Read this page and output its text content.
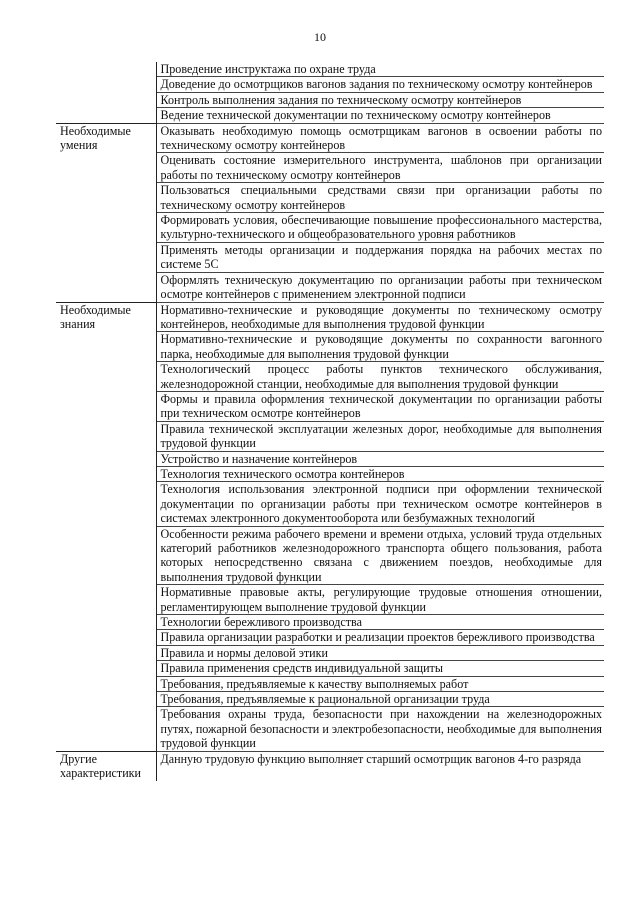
10
	Проведение инструктажа по охране труда
	Доведение до осмотрщиков вагонов задания по техническому осмотру контейнеров
	Контроль выполнения задания по техническому осмотру контейнеров
	Ведение технической документации по техническому осмотру контейнеров

Необходимые
умения	Оказывать необходимую помощь осмотрщикам вагонов в освоении работы по техническому осмотру контейнеров
	Оценивать состояние измерительного инструмента, шаблонов при организации работы по техническому осмотру контейнеров
	Пользоваться специальными средствами связи при организации работы по техническому осмотру контейнеров
	Формировать условия, обеспечивающие повышение профессионального мастерства, культурно-технического и общеобразовательного уровня работников
	Применять методы организации и поддержания порядка на рабочих местах по системе 5С
	Оформлять техническую документацию по организации работы при техническом осмотре контейнеров с применением электронной подписи

Необходимые
знания	Нормативно-технические и руководящие документы по техническому осмотру контейнеров, необходимые для выполнения трудовой функции
	Нормативно-технические и руководящие документы по сохранности вагонного парка, необходимые для выполнения трудовой функции
	Технологический процесс работы пунктов технического обслуживания, железнодорожной станции, необходимые для выполнения трудовой функции
	Формы и правила оформления технической документации по организации работы при техническом осмотре контейнеров
	Правила технической эксплуатации железных дорог, необходимые для выполнения трудовой функции
	Устройство и назначение контейнеров
	Технология технического осмотра контейнеров
	Технология использования электронной подписи при оформлении технической документации по организации работы при техническом осмотре контейнеров в системах электронного документооборота или безбумажных технологий
	Особенности режима рабочего времени и времени отдыха, условий труда отдельных категорий работников железнодорожного транспорта общего пользования, работа которых непосредственно связана с движением поездов, необходимые для выполнения трудовой функции
	Нормативные правовые акты, регулирующие трудовые отношения отношении, регламентирующем выполнение трудовой функции
	Технологии бережливого производства
	Правила организации разработки и реализации проектов бережливого производства
	Правила и нормы деловой этики
	Правила применения средств индивидуальной защиты
	Требования, предъявляемые к качеству выполняемых работ
	Требования, предъявляемые к рациональной организации труда
	Требования охраны труда, безопасности при нахождении на железнодорожных путях, пожарной безопасности и электробезопасности, необходимые для выполнения трудовой функции

Другие
характеристики	Данную трудовую функцию выполняет старший осмотрщик вагонов 4-го разряда
